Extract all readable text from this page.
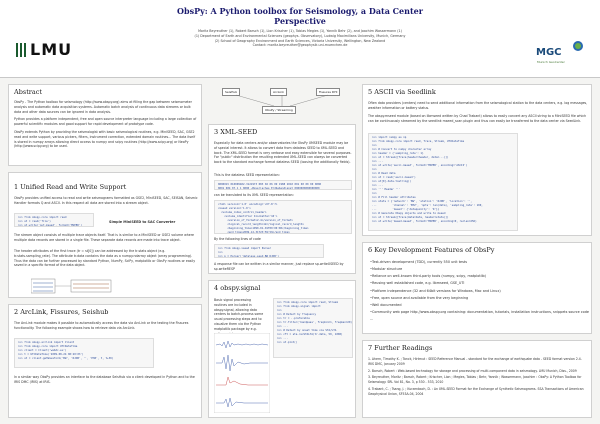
LMU
ObsPy: A Python toolbox for Seismology, a Data Center Perspective
Moritz Beyreuther (1), Robert Barsch (1), Lion Krischer (1), Tobias Megies (1), Yannik Behr (2), and Joachim Wassermann (1)
(1) Department of Earth and Environmental Sciences (geophys. Observatory), Ludwig Maximilians University, Munich, Germany
(2) School of Geography Environment and Earth Sciences, Victoria University, Wellington, New Zealand
Contact: moritz.beyreuther@geophysik.uni-muenchen.de
MGC
Munich GeoCenter
Abstract

ObsPy - The Python toolbox for seismology (http://www.obspy.org) aims at filling the gap between seismometer analysis and automatic data acquisition systems. Automatic batch analysis of continuous data streams or bulk data and other data sources can be ignored in data analysis.

Python provides a platform independent, free and open source interpreter language including a large collection of powerful scientific modules and good support for rapid development of prototype code.

ObsPy extends Python by providing the seismologist with basic seismological routines, e.g. MiniSEED, SAC, GSE2 read and write support, various pickers, filters, instrument correction, extended domain routines... The data itself is stored in numpy arrays allowing direct access to numpy and scipy routines (http://www.scipy.org) or NeoPy (http://www.scipy.org) to be used.

1 Unified Read and Write Support
ObsPy provides unified access to read and write seismograms formatted as GSE2, MiniSEED, SAC, SEISAN, Seismic Handler formats Q and ASCII. In this respect all data are stored into a stream object.
>>> from obspy.core import read
>>> st = read('file')
>>> st.write('out.mseed', format='MSEED')
Simple MiniSEED to SAC Converter
The stream object consists of multiple trace objects itself. That is is similar to a MiniSEED or GSE2 volume where multiple data records are stored in a single file. These separate data records are made into trace object.
The header attributes of the first trace (tr = st[0]) can be addressed by the tr.stats object (e.g. tr.stats.sampling_rate). The attribute tr.data contains the data as a numpy.ndarray object (array programming). Thus the data can be further processed by standard Python, NumPy, SciPy, matplotlib or ObsPy routines or easily saved in a specific format of the data object.
2 ArcLink, Fissures, Seishub
The ArcLink module makes it possible to automatically access the data via ArcLink or the testing the Fissures functionality. The following example shows how to retrieve data via ArcLink.
>>> from obspy.arclink import Client
>>> from obspy.core import UTCDateTime
>>> client = Client('webdc.eu')
>>> t = UTCDateTime('2009-08-24 00:20:03')
>>> st = client.getWaveform('BW', 'RJOB', '', 'EHZ', t, t+30)
In a similar way ObsPy provides an interface to the database SeisHub via a client developed in Python and to the IRIS DMC (IRIS) at IRIS.
SeisHub	ArcLink	Fissures DHI
ObsPy / Streaming
3 XML-SEED
Especially for data centers and/or observatories the ObsPy XMSEED module may be of special interest. It allows to convert data from dataless SEED to XML-SEED and back. The XML-SEED format is very verbose and easy extensible for several purposes. For "public" distribution the resulting extended XML-SEED can always be converted back to the standard exchange format dataless SEED (loosing the additionally fields).
This is the dataless SEED representation:
000001V 010009402.3121973 083 02 06 09 1988 2010 001 00 00 00 0000
0001 004 07,1 1 0000 ~Bayerisches Erdbebendienst 0000000000000000
can be translated to its XML SEED representation:
<?xml version='1.0' encoding='utf-8'?>
<xseed version='1.0'>
<volume_index_control_header>
<volume_identifier blockette='10'>
<version_of_format>2.4</version_of_format>
<logical_record_length>12</logical_record_length>
<beginning_time>1990-01-01T00:00:00</beginning_time>
<end_time>2099-12-31T23:59:59</end_time>

By the following lines of code
>>> from obspy.xseed import Parser
>>>
>>> p = Parser('dataless.seed.BW_RJOB')

A response file can be written in a similar manner, just replace sp.writeXSEED by sp.writeRESP
4 obspy.signal
Basic signal processing routines are included in obspy.signal, allowing data centers to batch-process some usual processing steps and to visualize them via the Python matplotlib package by e.g.
>>> from obspy.core import read, Stream
>>> from obspy.signal import
>>>
>>> # Detect by frequency
>>> tr = ..preferable
>>> tr.filter('bandpass', freqmin=1, freqmax=20)
>>> ...
>>> # Detect by onset time via STA/LTA
>>> cft = sta.recSTALTA(tr.data, 50, 1000)
>>> ...
>>> st.plot()
5 ASCII via Seedlink
Often data providers (centers) need to send additional information from the seismological station to the data centers, e.g. log messages, weather information or battery status.
The obspy.mseed module (based on libmseed written by Chad Trabant) allows to easily convert any ASCII string to a MiniSEED file which can be continuously streamed by the seedlink mseed_scan plugin and thus can easily be transferred to the data center via SeedLink.
>>> import numpy as np
>>> from obspy.core import read, Trace, Stream, UTCDateTime
>>>
>>> # Convert to numpy character array
>>> header = {'sampling_rate': 1}
>>> st = Stream([Trace(header=header, data=...)])
>>> ...
>>> st.write('ascii.mseed', format='MSEED', encoding='ASCII')
>>>
>>> # Read data
>>> st = read('ascii.mseed')
>>> st[0].data.tostring()
>>> ...
>>> ''' Header '''
>>>
>>> # Fill header attributes
>>> stats = {'network': 'BW', 'station': 'RJOB', 'location': '',
...          'channel': 'EHZ', 'npts': len(data), 'sampling_rate': 100,
...          'mseed': {'dataquality': 'D'}}
>>> # Generate Obspy objects and write to mseed
>>> st = Stream([Trace(data=data, header=stats)])
>>> st.write('mseed.mseed', format='MSEED', encoding=0, reclen=256)
6 Key Development Features of ObsPy
• Test-driven development (TDD), currently 550 unit tests
• Modular structure
• Reliance on well-known third-party tools (numpy, scipy, matplotlib)
• Reusing well established code, e.g. libmseed, GSE_UTI
• Platform independence (32 and 64bit versions for Windows, Mac and Linux)
• Free, open source and available from the very beginning
• Well documented
• Community web page http://www.obspy.org containing: documentation, tutorials, installation instructions, snippets source code ...
7 Further Readings
1. Ahern, Timothy K. ; Tanck, Hirtmut : SEED Reference Manual - standard for the exchange of earthquake data - SEED format version 2.4. IRIS DMC, January 2009
2. Barsch, Robert : Web-based technology for storage and processing of multi-component data in seismology. LMU Munich, Diss., 2009
3. Beyreuther, Moritz ; Barsch, Robert ; Krischer, Lion ; Megies, Tobias ; Behr, Yannik ; Wassermann, Joachim : ObsPy: A Python Toolbox for Seismology. SRL Vol 81, No. 3, p 530 - 533, 2010
4. Trabant, C. ; Tsang, J. ; Kurzenbach, D. : An XML-SEED Format for the Exchange of Synthetic Seismograms. SSA Transactions of American Geophysical Union, SF53A-04, 2004
